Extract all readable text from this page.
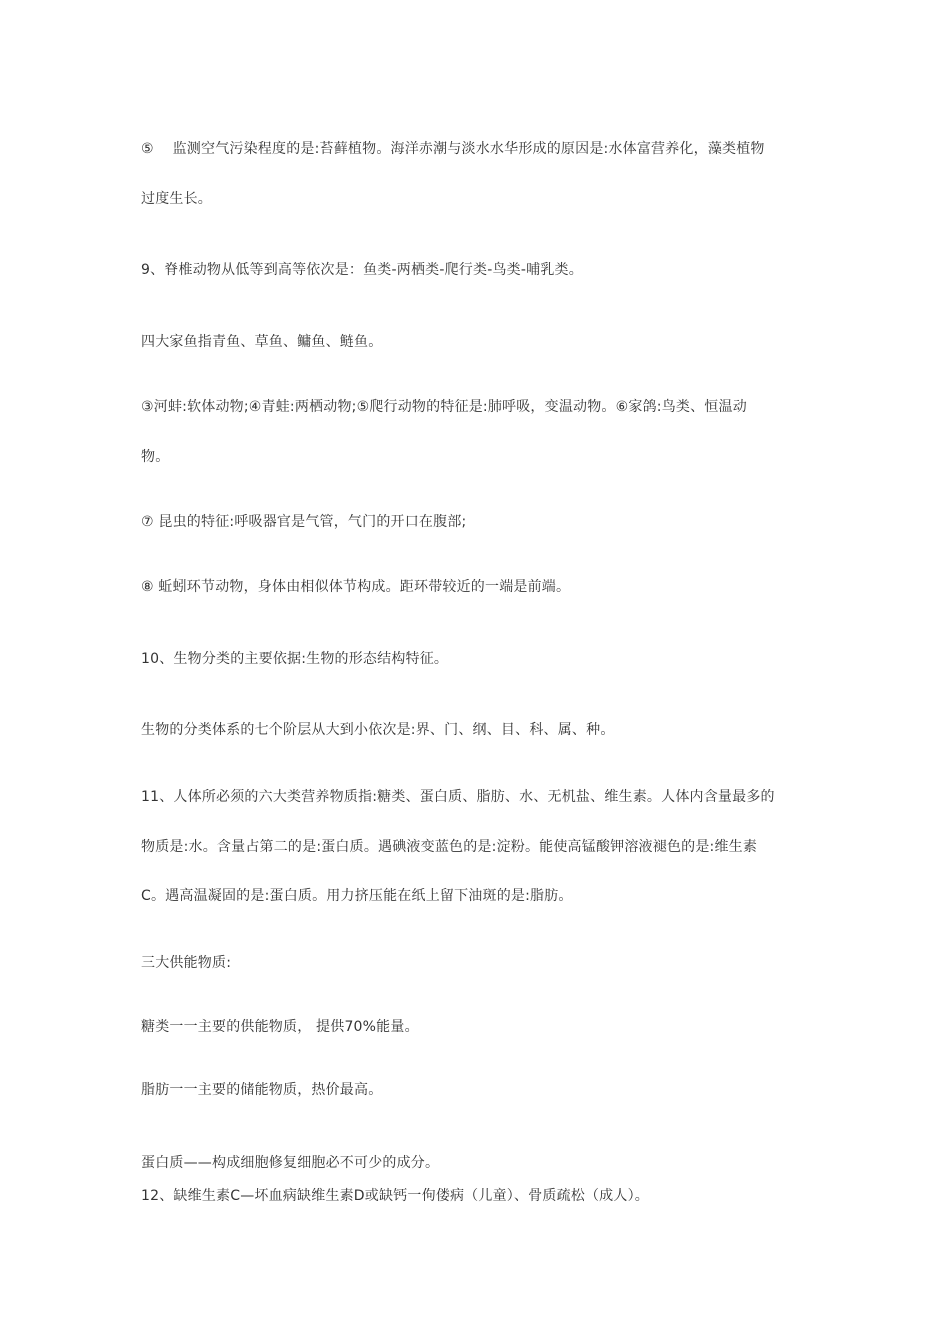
⑤　 监测空气污染程度的是:苔藓植物。海洋赤潮与淡水水华形成的原因是:水体富营养化，藻类植物
过度生长。
9、脊椎动物从低等到高等依次是：鱼类-两栖类-爬行类-鸟类-哺乳类。
四大家鱼指青鱼、草鱼、鳙鱼、鲢鱼。
③河蚌:软体动物;④青蛙:两栖动物;⑤爬行动物的特征是:肺呼吸，变温动物。⑥家鸽:鸟类、恒温动
物。
⑦ 昆虫的特征:呼吸器官是气管，气门的开口在腹部;
⑧ 蚯蚓环节动物，身体由相似体节构成。距环带较近的一端是前端。
10、生物分类的主要依据:生物的形态结构特征。
生物的分类体系的七个阶层从大到小依次是:界、门、纲、目、科、属、种。
11、人体所必须的六大类营养物质指:糖类、蛋白质、脂肪、水、无机盐、维生素。人体内含量最多的
物质是:水。含量占第二的是:蛋白质。遇碘液变蓝色的是:淀粉。能使高锰酸钾溶液褪色的是:维生素
C。遇高温凝固的是:蛋白质。用力挤压能在纸上留下油斑的是:脂肪。
三大供能物质:
糖类一一主要的供能物质， 提供70%能量。
脂肪一一主要的储能物质，热价最高。
蛋白质——构成细胞修复细胞必不可少的成分。
12、缺维生素C—坏血病缺维生素D或缺钙一佝偻病（儿童）、骨质疏松（成人）。
